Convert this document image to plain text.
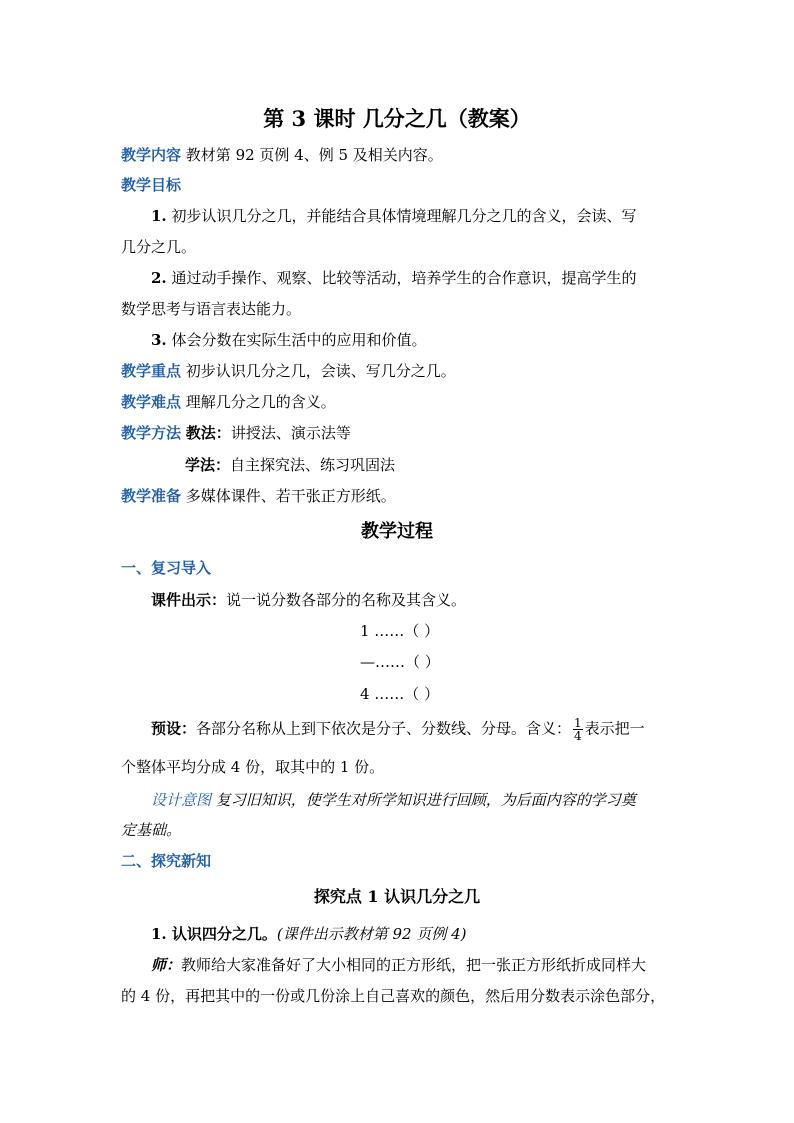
第 3 课时 几分之几（教案）
教学内容 教材第 92 页例 4、例 5 及相关内容。
教学目标
1. 初步认识几分之几，并能结合具体情境理解几分之几的含义，会读、写
几分之几。
2. 通过动手操作、观察、比较等活动，培养学生的合作意识，提高学生的
数学思考与语言表达能力。
3. 体会分数在实际生活中的应用和价值。
教学重点 初步认识几分之几，会读、写几分之几。
教学难点 理解几分之几的含义。
教学方法 教法：讲授法、演示法等
学法：自主探究法、练习巩固法
教学准备 多媒体课件、若干张正方形纸。
教学过程
一、复习导入
课件出示：说一说分数各部分的名称及其含义。
1 ……（ ）
—……（ ）
4 ……（ ）
预设：各部分名称从上到下依次是分子、分数线、分母。含义： $\frac{1}{4}$ 表示把一
个整体平均分成 4 份，取其中的 1 份。
设计意图 复习旧知识，使学生对所学知识进行回顾，为后面内容的学习奠
定基础。
二、探究新知
探究点 1 认识几分之几
1. 认识四分之几。(课件出示教材第 92 页例 4)
师：教师给大家准备好了大小相同的正方形纸，把一张正方形纸折成同样大
的 4 份，再把其中的一份或几份涂上自己喜欢的颜色，然后用分数表示涂色部分，
